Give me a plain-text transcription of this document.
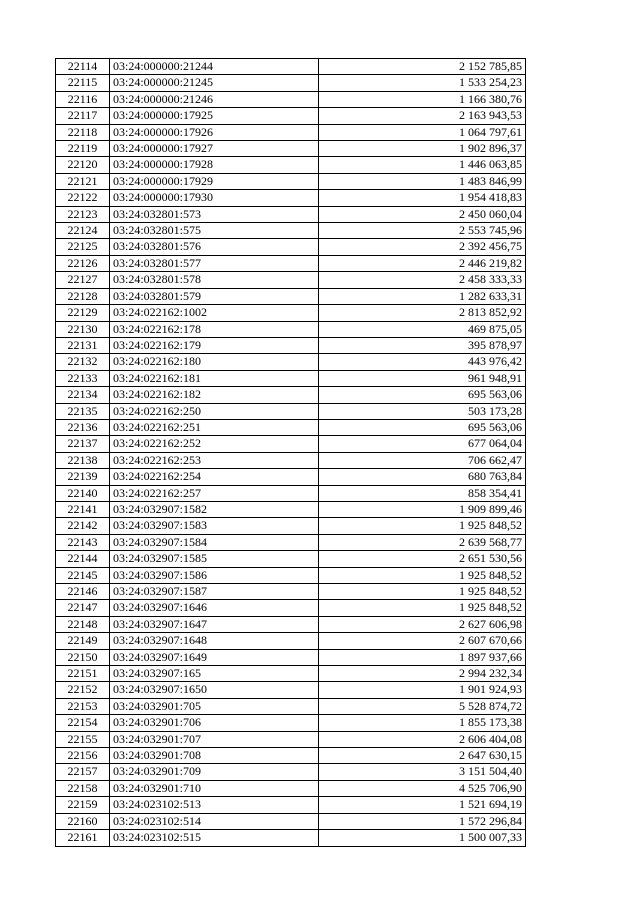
22114	03:24:000000:21244	2 152 785,85
22115	03:24:000000:21245	1 533 254,23
22116	03:24:000000:21246	1 166 380,76
22117	03:24:000000:17925	2 163 943,53
22118	03:24:000000:17926	1 064 797,61
22119	03:24:000000:17927	1 902 896,37
22120	03:24:000000:17928	1 446 063,85
22121	03:24:000000:17929	1 483 846,99
22122	03:24:000000:17930	1 954 418,83
22123	03:24:032801:573	2 450 060,04
22124	03:24:032801:575	2 553 745,96
22125	03:24:032801:576	2 392 456,75
22126	03:24:032801:577	2 446 219,82
22127	03:24:032801:578	2 458 333,33
22128	03:24:032801:579	1 282 633,31
22129	03:24:022162:1002	2 813 852,92
22130	03:24:022162:178	469 875,05
22131	03:24:022162:179	395 878,97
22132	03:24:022162:180	443 976,42
22133	03:24:022162:181	961 948,91
22134	03:24:022162:182	695 563,06
22135	03:24:022162:250	503 173,28
22136	03:24:022162:251	695 563,06
22137	03:24:022162:252	677 064,04
22138	03:24:022162:253	706 662,47
22139	03:24:022162:254	680 763,84
22140	03:24:022162:257	858 354,41
22141	03:24:032907:1582	1 909 899,46
22142	03:24:032907:1583	1 925 848,52
22143	03:24:032907:1584	2 639 568,77
22144	03:24:032907:1585	2 651 530,56
22145	03:24:032907:1586	1 925 848,52
22146	03:24:032907:1587	1 925 848,52
22147	03:24:032907:1646	1 925 848,52
22148	03:24:032907:1647	2 627 606,98
22149	03:24:032907:1648	2 607 670,66
22150	03:24:032907:1649	1 897 937,66
22151	03:24:032907:165	2 994 232,34
22152	03:24:032907:1650	1 901 924,93
22153	03:24:032901:705	5 528 874,72
22154	03:24:032901:706	1 855 173,38
22155	03:24:032901:707	2 606 404,08
22156	03:24:032901:708	2 647 630,15
22157	03:24:032901:709	3 151 504,40
22158	03:24:032901:710	4 525 706,90
22159	03:24:023102:513	1 521 694,19
22160	03:24:023102:514	1 572 296,84
22161	03:24:023102:515	1 500 007,33
